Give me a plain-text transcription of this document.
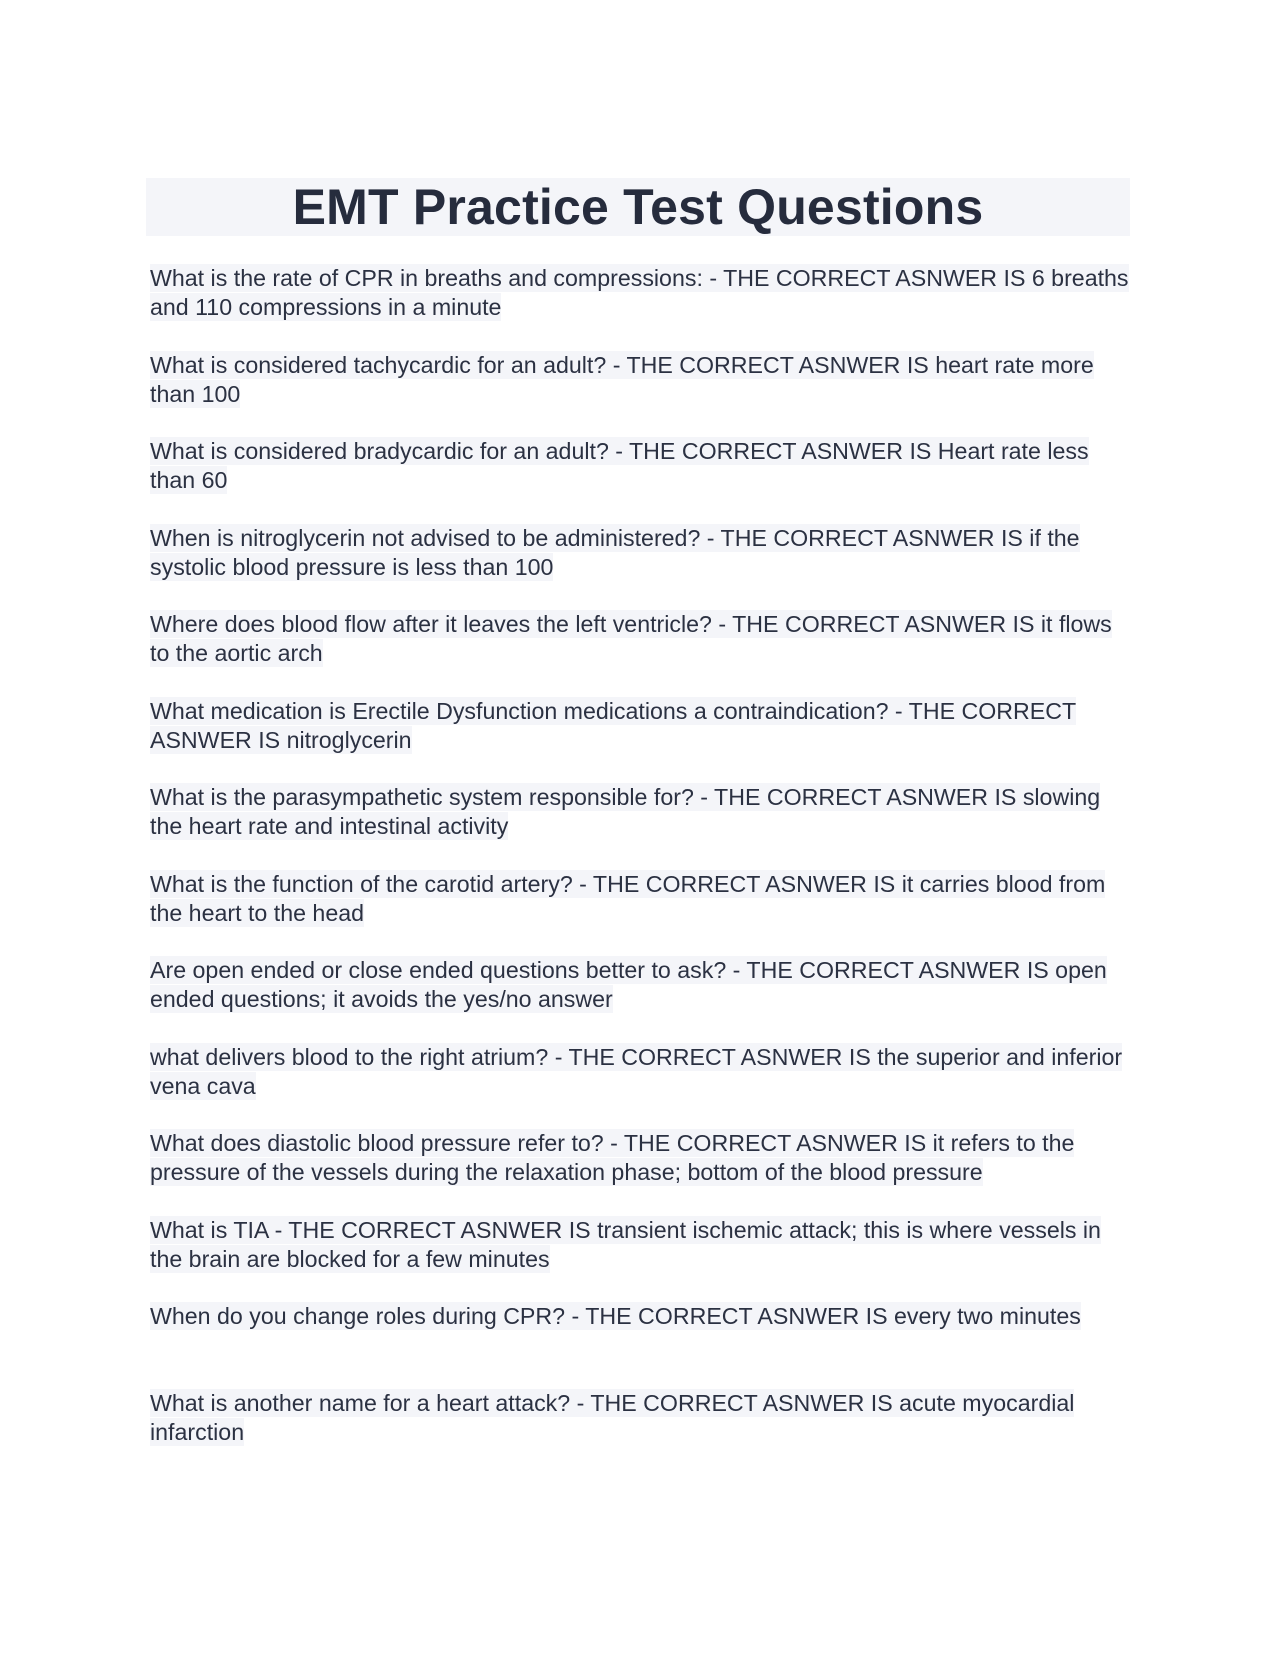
EMT Practice Test Questions
What is the rate of CPR in breaths and compressions: - THE CORRECT ASNWER IS 6 breaths and 110 compressions in a minute
What is considered tachycardic for an adult? - THE CORRECT ASNWER IS heart rate more than 100
What is considered bradycardic for an adult? - THE CORRECT ASNWER IS Heart rate less than 60
When is nitroglycerin not advised to be administered? - THE CORRECT ASNWER IS if the systolic blood pressure is less than 100
Where does blood flow after it leaves the left ventricle? - THE CORRECT ASNWER IS it flows to the aortic arch
What medication is Erectile Dysfunction medications a contraindication? - THE CORRECT ASNWER IS nitroglycerin
What is the parasympathetic system responsible for? - THE CORRECT ASNWER IS slowing the heart rate and intestinal activity
What is the function of the carotid artery? - THE CORRECT ASNWER IS it carries blood from the heart to the head
Are open ended or close ended questions better to ask? - THE CORRECT ASNWER IS open ended questions; it avoids the yes/no answer
what delivers blood to the right atrium? - THE CORRECT ASNWER IS the superior and inferior vena cava
What does diastolic blood pressure refer to? - THE CORRECT ASNWER IS it refers to the pressure of the vessels during the relaxation phase; bottom of the blood pressure
What is TIA - THE CORRECT ASNWER IS transient ischemic attack; this is where vessels in the brain are blocked for a few minutes
When do you change roles during CPR? - THE CORRECT ASNWER IS every two minutes
What is another name for a heart attack? - THE CORRECT ASNWER IS acute myocardial infarction
